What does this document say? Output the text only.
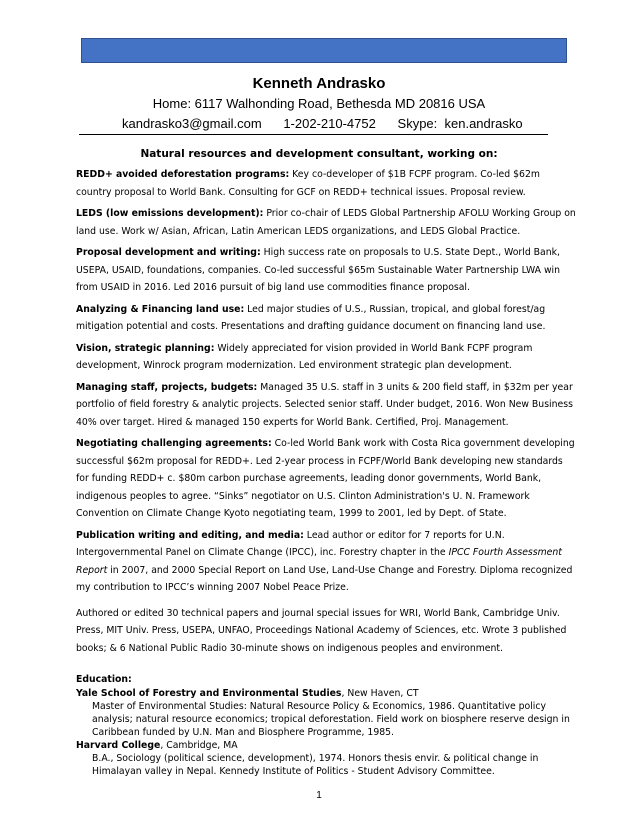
Kenneth Andrasko
Home: 6117 Walhonding Road, Bethesda MD 20816 USA
kandrasko3@gmail.com 1-202-210-4752 Skype:  ken.andrasko
Natural resources and development consultant, working on:

REDD+ avoided deforestation programs: Key co-developer of $1B FCPF program. Co-led $62m country proposal to World Bank. Consulting for GCF on REDD+ technical issues. Proposal review.

LEDS (low emissions development): Prior co-chair of LEDS Global Partnership AFOLU Working Group on land use. Work w/ Asian, African, Latin American LEDS organizations, and LEDS Global Practice.

Proposal development and writing: High success rate on proposals to U.S. State Dept., World Bank, USEPA, USAID, foundations, companies. Co-led successful $65m Sustainable Water Partnership LWA win from USAID in 2016. Led 2016 pursuit of big land use commodities finance proposal.

Analyzing & Financing land use: Led major studies of U.S., Russian, tropical, and global forest/ag mitigation potential and costs. Presentations and drafting guidance document on financing land use.

Vision, strategic planning: Widely appreciated for vision provided in World Bank FCPF program development, Winrock program modernization. Led environment strategic plan development.

Managing staff, projects, budgets: Managed 35 U.S. staff in 3 units & 200 field staff, in $32m per year portfolio of field forestry & analytic projects. Selected senior staff. Under budget, 2016. Won New Business 40% over target. Hired & managed 150 experts for World Bank. Certified, Proj. Management.

Negotiating challenging agreements: Co-led World Bank work with Costa Rica government developing successful $62m proposal for REDD+. Led 2-year process in FCPF/World Bank developing new standards for funding REDD+ c. $80m carbon purchase agreements, leading donor governments, World Bank, indigenous peoples to agree. “Sinks” negotiator on U.S. Clinton Administration's U. N. Framework Convention on Climate Change Kyoto negotiating team, 1999 to 2001, led by Dept. of State.

Publication writing and editing, and media: Lead author or editor for 7 reports for U.N. Intergovernmental Panel on Climate Change (IPCC), inc. Forestry chapter in the IPCC Fourth Assessment Report in 2007, and 2000 Special Report on Land Use, Land-Use Change and Forestry. Diploma recognized my contribution to IPCC’s winning 2007 Nobel Peace Prize.

Authored or edited 30 technical papers and journal special issues for WRI, World Bank, Cambridge Univ. Press, MIT Univ. Press, USEPA, UNFAO, Proceedings National Academy of Sciences, etc. Wrote 3 published books; & 6 National Public Radio 30-minute shows on indigenous peoples and environment.

Education:

Yale School of Forestry and Environmental Studies, New Haven, CT

Master of Environmental Studies: Natural Resource Policy & Economics, 1986. Quantitative policy analysis; natural resource economics; tropical deforestation. Field work on biosphere reserve design in Caribbean funded by U.N. Man and Biosphere Programme, 1985.

Harvard College, Cambridge, MA

B.A., Sociology (political science, development), 1974. Honors thesis envir. & political change in Himalayan valley in Nepal. Kennedy Institute of Politics - Student Advisory Committee.

1
